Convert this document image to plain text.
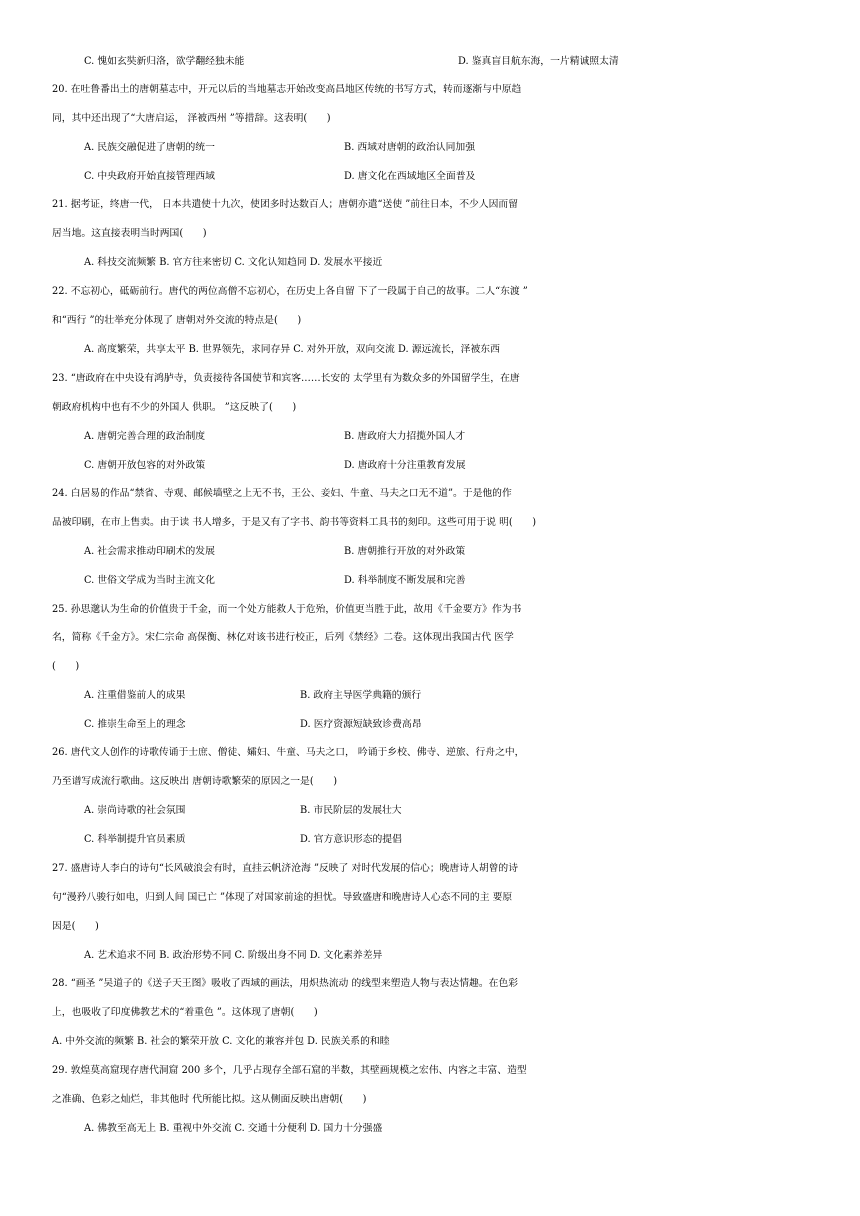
C. 愧如玄奘新归洛，欲学翻经独未能	D. 鉴真盲目航东海，一片精诚照太清
20. 在吐鲁番出土的唐朝墓志中，开元以后的当地墓志开始改变高昌地区传统的书写方式，转而逐渐与中原趋
同，其中还出现了“大唐启运， 泽被西州 ”等措辞。这表明(　　)
A. 民族交融促进了唐朝的统一	B. 西域对唐朝的政治认同加强
C. 中央政府开始直接管理西域	D. 唐文化在西域地区全面普及
21. 据考证，终唐一代， 日本共遣使十九次，使团多时达数百人；唐朝亦遣“送使 ”前往日本，不少人因而留
居当地。这直接表明当时两国(　　)
A. 科技交流频繁 B. 官方往来密切 C. 文化认知趋同 D. 发展水平接近
22. 不忘初心，砥砺前行。唐代的两位高僧不忘初心，在历史上各自留 下了一段属于自己的故事。二人“东渡 ”
和“西行 ”的壮举充分体现了 唐朝对外交流的特点是(　　)
A. 高度繁荣，共享太平 B. 世界领先，求同存异 C. 对外开放，双向交流 D. 源远流长，泽被东西
23. “唐政府在中央设有鸿胪寺，负责接待各国使节和宾客……长安的 太学里有为数众多的外国留学生，在唐
朝政府机构中也有不少的外国人 供职。 ”这反映了(　　)
A. 唐朝完善合理的政治制度	B. 唐政府大力招揽外国人才
C. 唐朝开放包容的对外政策	D. 唐政府十分注重教育发展
24. 白居易的作品“禁省、寺观、邮候墙壁之上无不书，王公、妾妇、牛童、马夫之口无不道”。于是他的作
品被印刷，在市上售卖。由于读 书人增多，于是又有了字书、韵书等资料工具书的刻印。这些可用于说 明(　　)
A. 社会需求推动印刷术的发展	B. 唐朝推行开放的对外政策
C. 世俗文学成为当时主流文化	D. 科举制度不断发展和完善
25. 孙思邈认为生命的价值贵于千金，而一个处方能救人于危殆，价值更当胜于此，故用《千金要方》作为书
名，简称《千金方》。宋仁宗命 高保衡、林亿对该书进行校正，后列《禁经》二卷。这体现出我国古代 医学
(　　)
A. 注重借鉴前人的成果	B. 政府主导医学典籍的颁行
C. 推崇生命至上的理念	D. 医疗资源短缺致诊费高昂
26. 唐代文人创作的诗歌传诵于士庶、僧徒、孀妇、牛童、马夫之口， 吟诵于乡校、佛寺、逆旅、行舟之中，
乃至谱写成流行歌曲。这反映出 唐朝诗歌繁荣的原因之一是(　　)
A. 崇尚诗歌的社会氛围	B. 市民阶层的发展壮大
C. 科举制提升官员素质	D. 官方意识形态的提倡
27. 盛唐诗人李白的诗句“长风破浪会有时，直挂云帆济沧海 ”反映了 对时代发展的信心；晚唐诗人胡曾的诗
句“漫矜八骏行如电，归到人间 国已亡 ”体现了对国家前途的担忧。导致盛唐和晚唐诗人心态不同的主 要原
因是(　　)
A. 艺术追求不同 B. 政治形势不同 C. 阶级出身不同 D. 文化素养差异
28. “画圣 ”吴道子的《送子天王图》吸收了西域的画法，用炽热流动 的线型来塑造人物与表达情趣。在色彩
上，也吸收了印度佛教艺术的“着重色 ”。这体现了唐朝(　　)
A. 中外交流的频繁 B. 社会的繁荣开放 C. 文化的兼容并包 D. 民族关系的和睦
29. 敦煌莫高窟现存唐代洞窟 200 多个，几乎占现存全部石窟的半数，其壁画规模之宏伟、内容之丰富、造型
之准确、色彩之灿烂，非其他时 代所能比拟。这从侧面反映出唐朝(　　)
A. 佛教至高无上 B. 重视中外交流 C. 交通十分便利 D. 国力十分强盛
